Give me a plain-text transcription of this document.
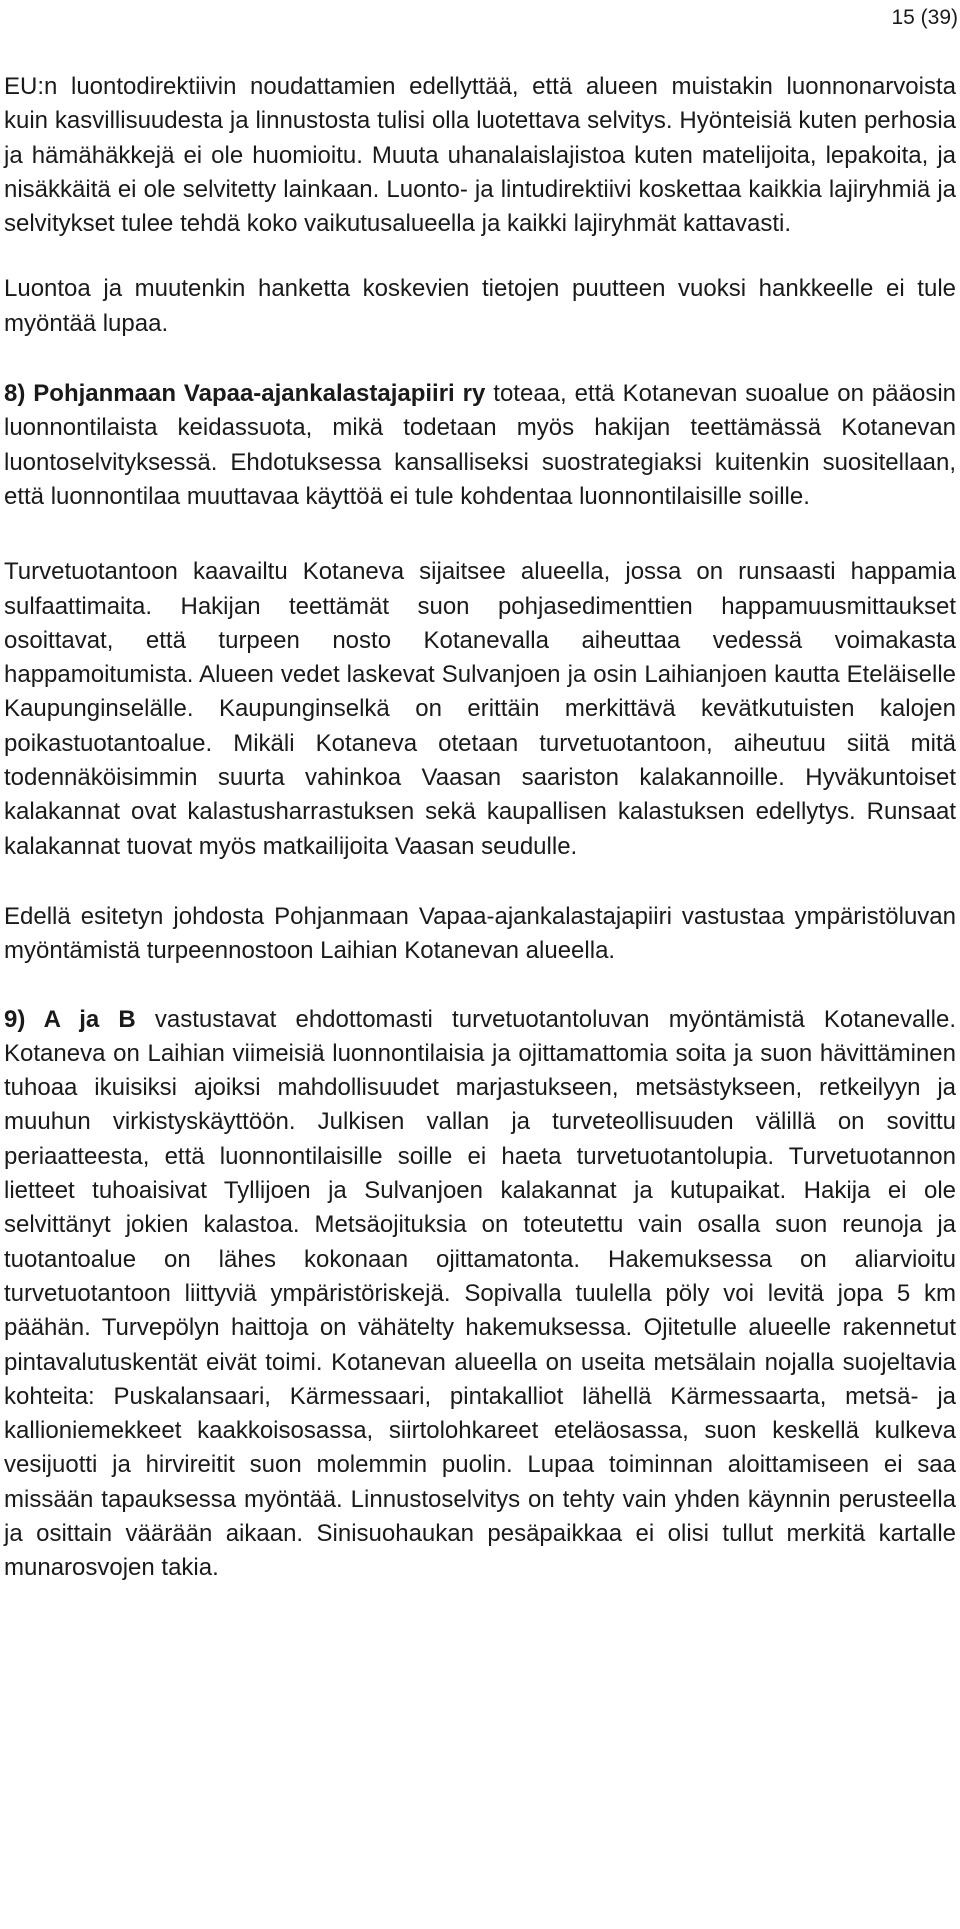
15 (39)

EU:n luontodirektiivin noudattamien edellyttää, että alueen muistakin luonnonarvoista kuin kasvillisuudesta ja linnustosta tulisi olla luotettava selvitys. Hyönteisiä kuten perhosia ja hämähäkkejä ei ole huomioitu. Muuta uhanalaislajistoa kuten matelijoita, lepakoita, ja nisäkkäitä ei ole selvitetty lainkaan. Luonto- ja lintudirektiivi koskettaa kaikkia lajiryhmiä ja selvitykset tulee tehdä koko vaikutusalueella ja kaikki lajiryhmät kattavasti.

Luontoa ja muutenkin hanketta koskevien tietojen puutteen vuoksi hankkeelle ei tule myöntää lupaa.

8) Pohjanmaan Vapaa-ajankalastajapiiri ry toteaa, että Kotanevan suoalue on pääosin luonnontilaista keidassuota, mikä todetaan myös hakijan teettämässä Kotanevan luontoselvityksessä. Ehdotuksessa kansalliseksi suostrategiaksi kuitenkin suositellaan, että luonnontilaa muuttavaa käyttöä ei tule kohdentaa luonnontilaisille soille.

Turvetuotantoon kaavailtu Kotaneva sijaitsee alueella, jossa on runsaasti happamia sulfaattimaita. Hakijan teettämät suon pohjasedimenttien happamuusmittaukset osoittavat, että turpeen nosto Kotanevalla aiheuttaa vedessä voimakasta happamoitumista. Alueen vedet laskevat Sulvanjoen ja osin Laihianjoen kautta Eteläiselle Kaupunginselälle. Kaupunginselkä on erittäin merkittävä kevätkutuisten kalojen poikastuotantoalue. Mikäli Kotaneva otetaan turvetuotantoon, aiheutuu siitä mitä todennäköisimmin suurta vahinkoa Vaasan saariston kalakannoille. Hyväkuntoiset kalakannat ovat kalastusharrastuksen sekä kaupallisen kalastuksen edellytys. Runsaat kalakannat tuovat myös matkailijoita Vaasan seudulle.

Edellä esitetyn johdosta Pohjanmaan Vapaa-ajankalastajapiiri vastustaa ympäristöluvan myöntämistä turpeennostoon Laihian Kotanevan alueella.

9) A ja B vastustavat ehdottomasti turvetuotantoluvan myöntämistä Kotanevalle. Kotaneva on Laihian viimeisiä luonnontilaisia ja ojittamattomia soita ja suon hävittäminen tuhoaa ikuisiksi ajoiksi mahdollisuudet marjastukseen, metsästykseen, retkeilyyn ja muuhun virkistyskäyttöön. Julkisen vallan ja turveteollisuuden välillä on sovittu periaatteesta, että luonnontilaisille soille ei haeta turvetuotantolupia. Turvetuotannon lietteet tuhoaisivat Tyllijoen ja Sulvanjoen kalakannat ja kutupaikat. Hakija ei ole selvittänyt jokien kalastoa. Metsäojituksia on toteutettu vain osalla suon reunoja ja tuotantoalue on lähes kokonaan ojittamatonta. Hakemuksessa on aliarvioitu turvetuotantoon liittyviä ympäristöriskejä. Sopivalla tuulella pöly voi levitä jopa 5 km päähän. Turvepölyn haittoja on vähätelty hakemuksessa. Ojitetulle alueelle rakennetut pintavalutuskentät eivät toimi. Kotanevan alueella on useita metsälain nojalla suojeltavia kohteita: Puskalansaari, Kärmessaari, pintakalliot lähellä Kärmessaarta, metsä- ja kallioniemekkeet kaakkoisosassa, siirtolohkareet eteläosassa, suon keskellä kulkeva vesijuotti ja hirvireitit suon molemmin puolin. Lupaa toiminnan aloittamiseen ei saa missään tapauksessa myöntää. Linnustoselvitys on tehty vain yhden käynnin perusteella ja osittain väärään aikaan. Sinisuohaukan pesäpaikkaa ei olisi tullut merkitä kartalle munarosvojen takia.
